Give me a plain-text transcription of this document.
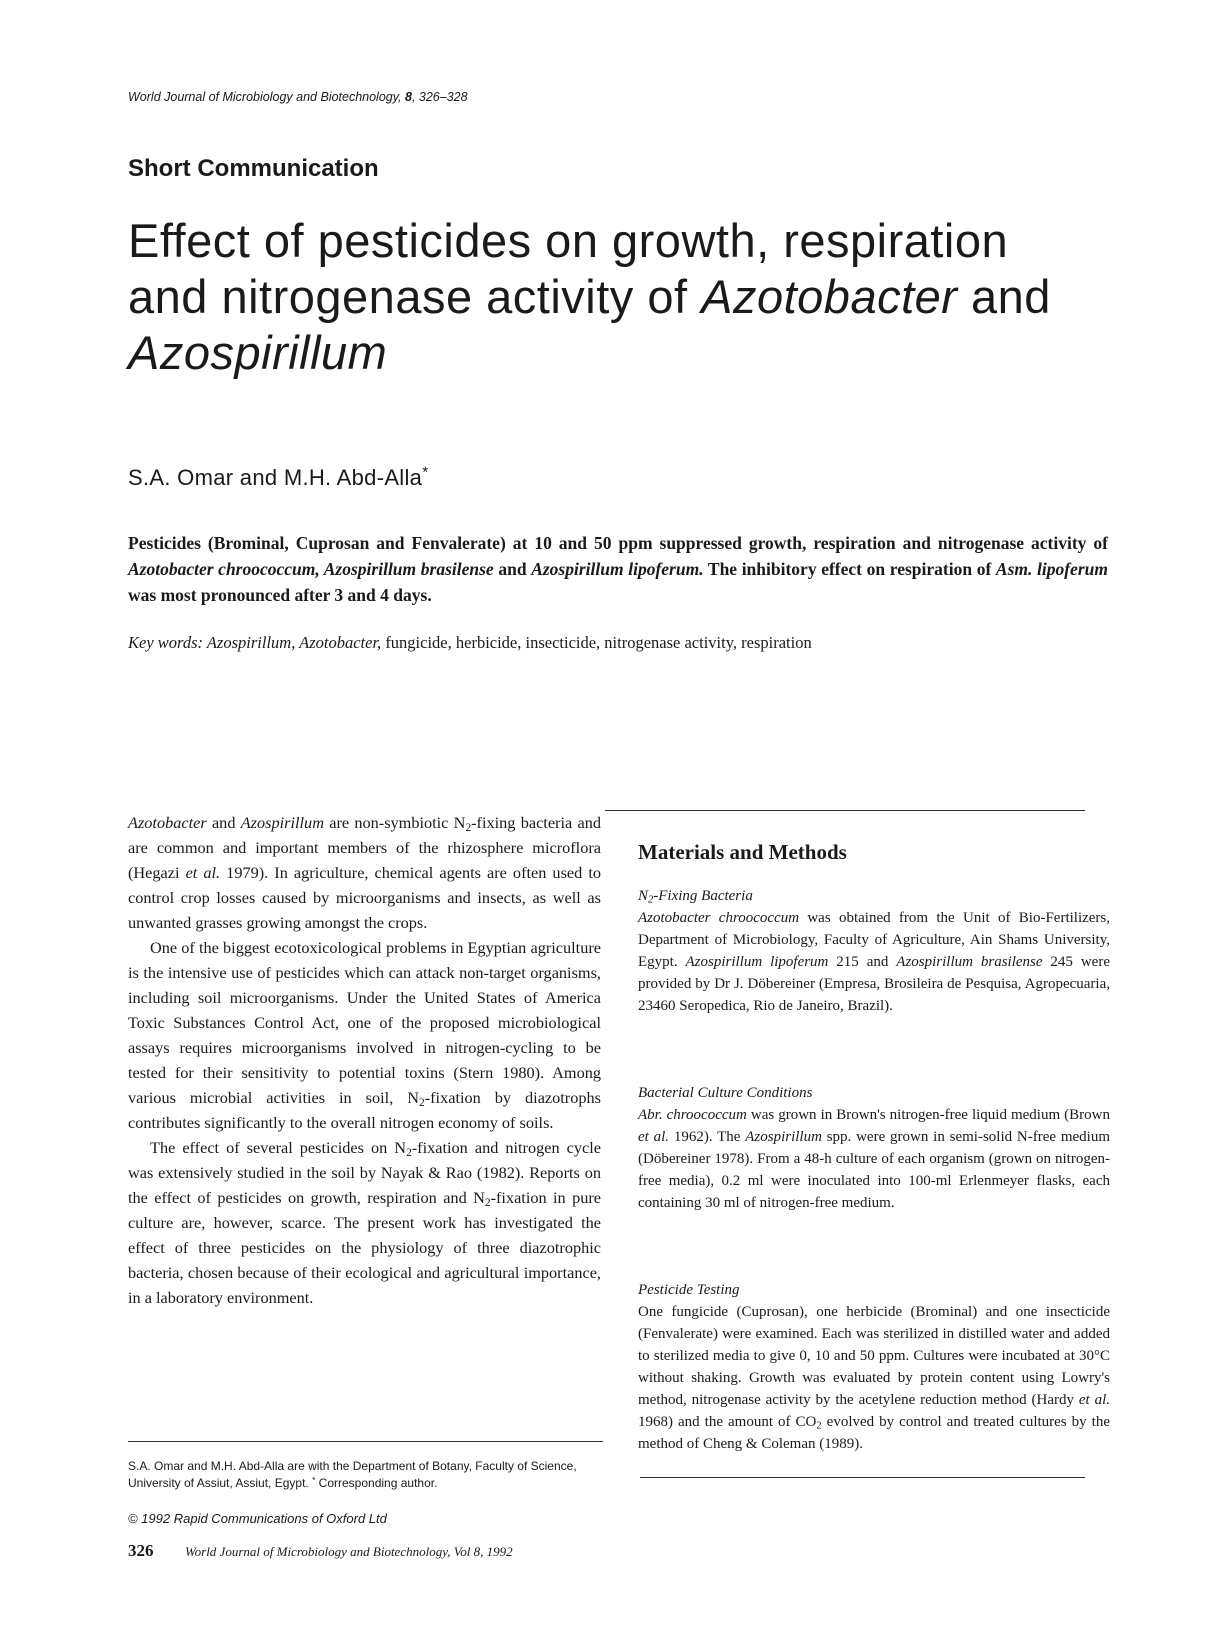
World Journal of Microbiology and Biotechnology, 8, 326–328
Short Communication
Effect of pesticides on growth, respiration
and nitrogenase activity of Azotobacter and
Azospirillum
S.A. Omar and M.H. Abd-Alla*
Pesticides (Brominal, Cuprosan and Fenvalerate) at 10 and 50 ppm suppressed growth, respiration and nitrogenase activity of Azotobacter chroococcum, Azospirillum brasilense and Azospirillum lipoferum. The inhibitory effect on respiration of Asm. lipoferum was most pronounced after 3 and 4 days.
Key words: Azospirillum, Azotobacter, fungicide, herbicide, insecticide, nitrogenase activity, respiration

Azotobacter and Azospirillum are non-symbiotic $N_2$-fixing bacteria and are common and important members of the rhizosphere microflora (Hegazi et al. 1979). In agriculture, chemical agents are often used to control crop losses caused by microorganisms and insects, as well as unwanted grasses growing amongst the crops.

One of the biggest ecotoxicological problems in Egyptian agriculture is the intensive use of pesticides which can attack non-target organisms, including soil microorganisms. Under the United States of America Toxic Substances Control Act, one of the proposed microbiological assays requires microorganisms involved in nitrogen-cycling to be tested for their sensitivity to potential toxins (Stern 1980). Among various microbial activities in soil, $N_2$-fixation by diazotrophs contributes significantly to the overall nitrogen economy of soils.

The effect of several pesticides on $N_2$-fixation and nitrogen cycle was extensively studied in the soil by Nayak & Rao (1982). Reports on the effect of pesticides on growth, respiration and $N_2$-fixation in pure culture are, however, scarce. The present work has investigated the effect of three pesticides on the physiology of three diazotrophic bacteria, chosen because of their ecological and agricultural importance, in a laboratory environment.

Materials and Methods
$N_2$-Fixing Bacteria
Azotobacter chroococcum was obtained from the Unit of Bio-Fertilizers, Department of Microbiology, Faculty of Agriculture, Ain Shams University, Egypt. Azospirillum lipoferum 215 and Azospirillum brasilense 245 were provided by Dr J. Döbereiner (Empresa, Brosileira de Pesquisa, Agropecuaria, 23460 Seropedica, Rio de Janeiro, Brazil).
Bacterial Culture Conditions
Abr. chroococcum was grown in Brown's nitrogen-free liquid medium (Brown et al. 1962). The Azospirillum spp. were grown in semi-solid N-free medium (Döbereiner 1978). From a 48-h culture of each organism (grown on nitrogen-free media), 0.2 ml were inoculated into 100-ml Erlenmeyer flasks, each containing 30 ml of nitrogen-free medium.
Pesticide Testing
One fungicide (Cuprosan), one herbicide (Brominal) and one insecticide (Fenvalerate) were examined. Each was sterilized in distilled water and added to sterilized media to give 0, 10 and 50 ppm. Cultures were incubated at 30°C without shaking. Growth was evaluated by protein content using Lowry's method, nitrogenase activity by the acetylene reduction method (Hardy et al. 1968) and the amount of $CO_2$ evolved by control and treated cultures by the method of Cheng & Coleman (1989).
S.A. Omar and M.H. Abd-Alla are with the Department of Botany, Faculty of Science, University of Assiut, Assiut, Egypt. * Corresponding author.
© 1992 Rapid Communications of Oxford Ltd
326 World Journal of Microbiology and Biotechnology, Vol 8, 1992
